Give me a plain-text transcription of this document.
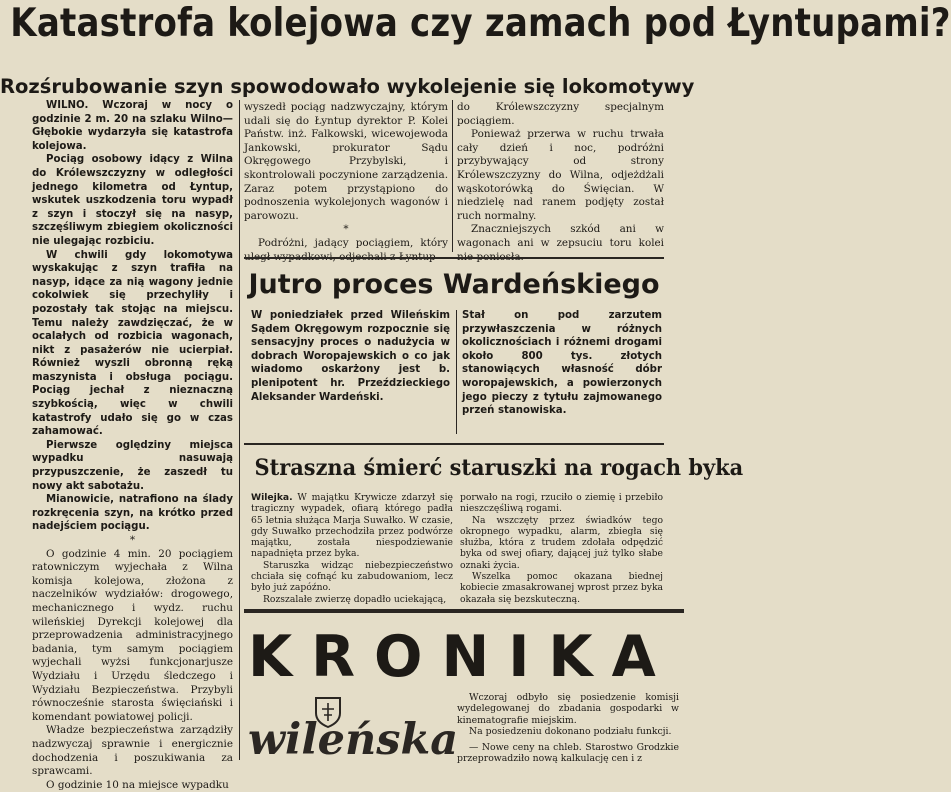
Katastrofa kolejowa czy zamach pod Łyntupami?
Rozśrubowanie szyn spowodowało wykolejenie się lokomotywy

WILNO. Wczoraj w nocy o godzinie 2 m. 20 na szlaku Wilno—Głębokie wydarzyła się katastrofa kolejowa.

Pociąg osobowy idący z Wilna do Królewszczyzny w odległości jednego kilometra od Łyntup, wskutek uszkodzenia toru wypadł z szyn i stoczył się na nasyp, szczęśliwym zbiegiem okoliczności nie ulegając rozbiciu.

W chwili gdy lokomotywa wyskakując z szyn trafiła na nasyp, idące za nią wagony jednie cokolwiek się przechyliły i pozostały tak stojąc na miejscu. Temu należy zawdzięczać, że w ocalałych od rozbicia wagonach, nikt z pasażerów nie ucierpiał. Również wyszli obronną ręką maszynista i obsługa pociągu. Pociąg jechał z nieznaczną szybkością, więc w chwili katastrofy udało się go w czas zahamować.

Pierwsze oględziny miejsca wypadku nasuwają przypuszczenie, że zaszedł tu nowy akt sabotażu.

Mianowicie, natrafiono na ślady rozkręcenia szyn, na krótko przed nadejściem pociągu.

*

O godzinie 4 min. 20 pociągiem ratowniczym wyjechała z Wilna komisja kolejowa, złożona z naczelników wydziałów: drogowego, mechanicznego i wydz. ruchu wileńskiej Dyrekcji kolejowej dla przeprowadzenia administracyjnego badania, tym samym pociągiem wyjechali wyżsi funkcjonarjusze Wydziału i Urzędu śledczego i Wydziału Bezpieczeństwa. Przybyli równocześnie starosta święciański i komendant powiatowej policji.

Władze bezpieczeństwa zarządziły nadzwyczaj sprawnie i energicznie dochodzenia i poszukiwania za sprawcami.

O godzinie 10 na miejsce wypadku

wyszedł pociąg nadzwyczajny, którym udali się do Łyntup dyrektor P. Kolei Państw. inż. Falkowski, wicewojewoda Jankowski, prokurator Sądu Okręgowego Przybylski, i skontrolowali poczynione zarządzenia. Zaraz potem przystąpiono do podnoszenia wykolejonych wagonów i parowozu.

*

Podróżni, jadący pociągiem, który

do Królewszczyzny specjalnym pociągiem.

Ponieważ przerwa w ruchu trwała cały dzień i noc, podróżni przybywający od strony Królewszczyzny do Wilna, odjeżdżali wąskotorówką do Święcian. W niedzielę nad ranem podjęty został ruch normalny.

Znaczniejszych szkód ani w wagonach ani w zepsuciu toru kolei

Jutro proces Wardeńskiego
W poniedziałek przed Wileńskim Sądem Okręgowym rozpocznie się sensacyjny proces o nadużycia w dobrach Woropajewskich o co jak wiadomo oskarżony jest b. plenipotent hr. Przeździeckiego Aleksander Wardeński.
Stał on pod zarzutem przywłaszczenia w różnych okolicznościach i różnemi drogami około 800 tys. złotych stanowiących własność dóbr woropajewskich, a powierzonych jego pieczy z tytułu zajmowanego przeń stanowiska.
Straszna śmierć staruszki na rogach byka

Wilejka. W majątku Krywicze zdarzył się tragiczny wypadek, ofiarą którego padła 65 letnia służąca Marja Suwałko. W czasie, gdy Suwałko przechodziła przez podwórze majątku, została niespodziewanie napadnięta przez byka.

Staruszka widząc niebezpieczeństwo chciała się cofnąć ku zabudowaniom, lecz było już zapóźno.

Rozszalałe zwierzę dopadło uciekającą,

porwało na rogi, rzuciło o ziemię i przebiło nieszczęśliwą rogami.

Na wszczęty przez świadków tego okropnego wypadku, alarm, zbiegła się służba, która z trudem zdołała odpędzić byka od swej ofiary, dającej już tylko słabe oznaki życia.

Wszelka pomoc okazana biednej kobiecie zmasakrowanej wprost przez byka okazała się bezskuteczną.

KRONIKA
wileńska

Wczoraj odbyło się posiedzenie komisji wydelegowanej do zbadania gospodarki w kinematografie miejskim.

Na posiedzeniu dokonano podziału funkcji.

— Nowe ceny na chleb. Starostwo Grodzkie przeprowadziło nową kalkulację cen i z
